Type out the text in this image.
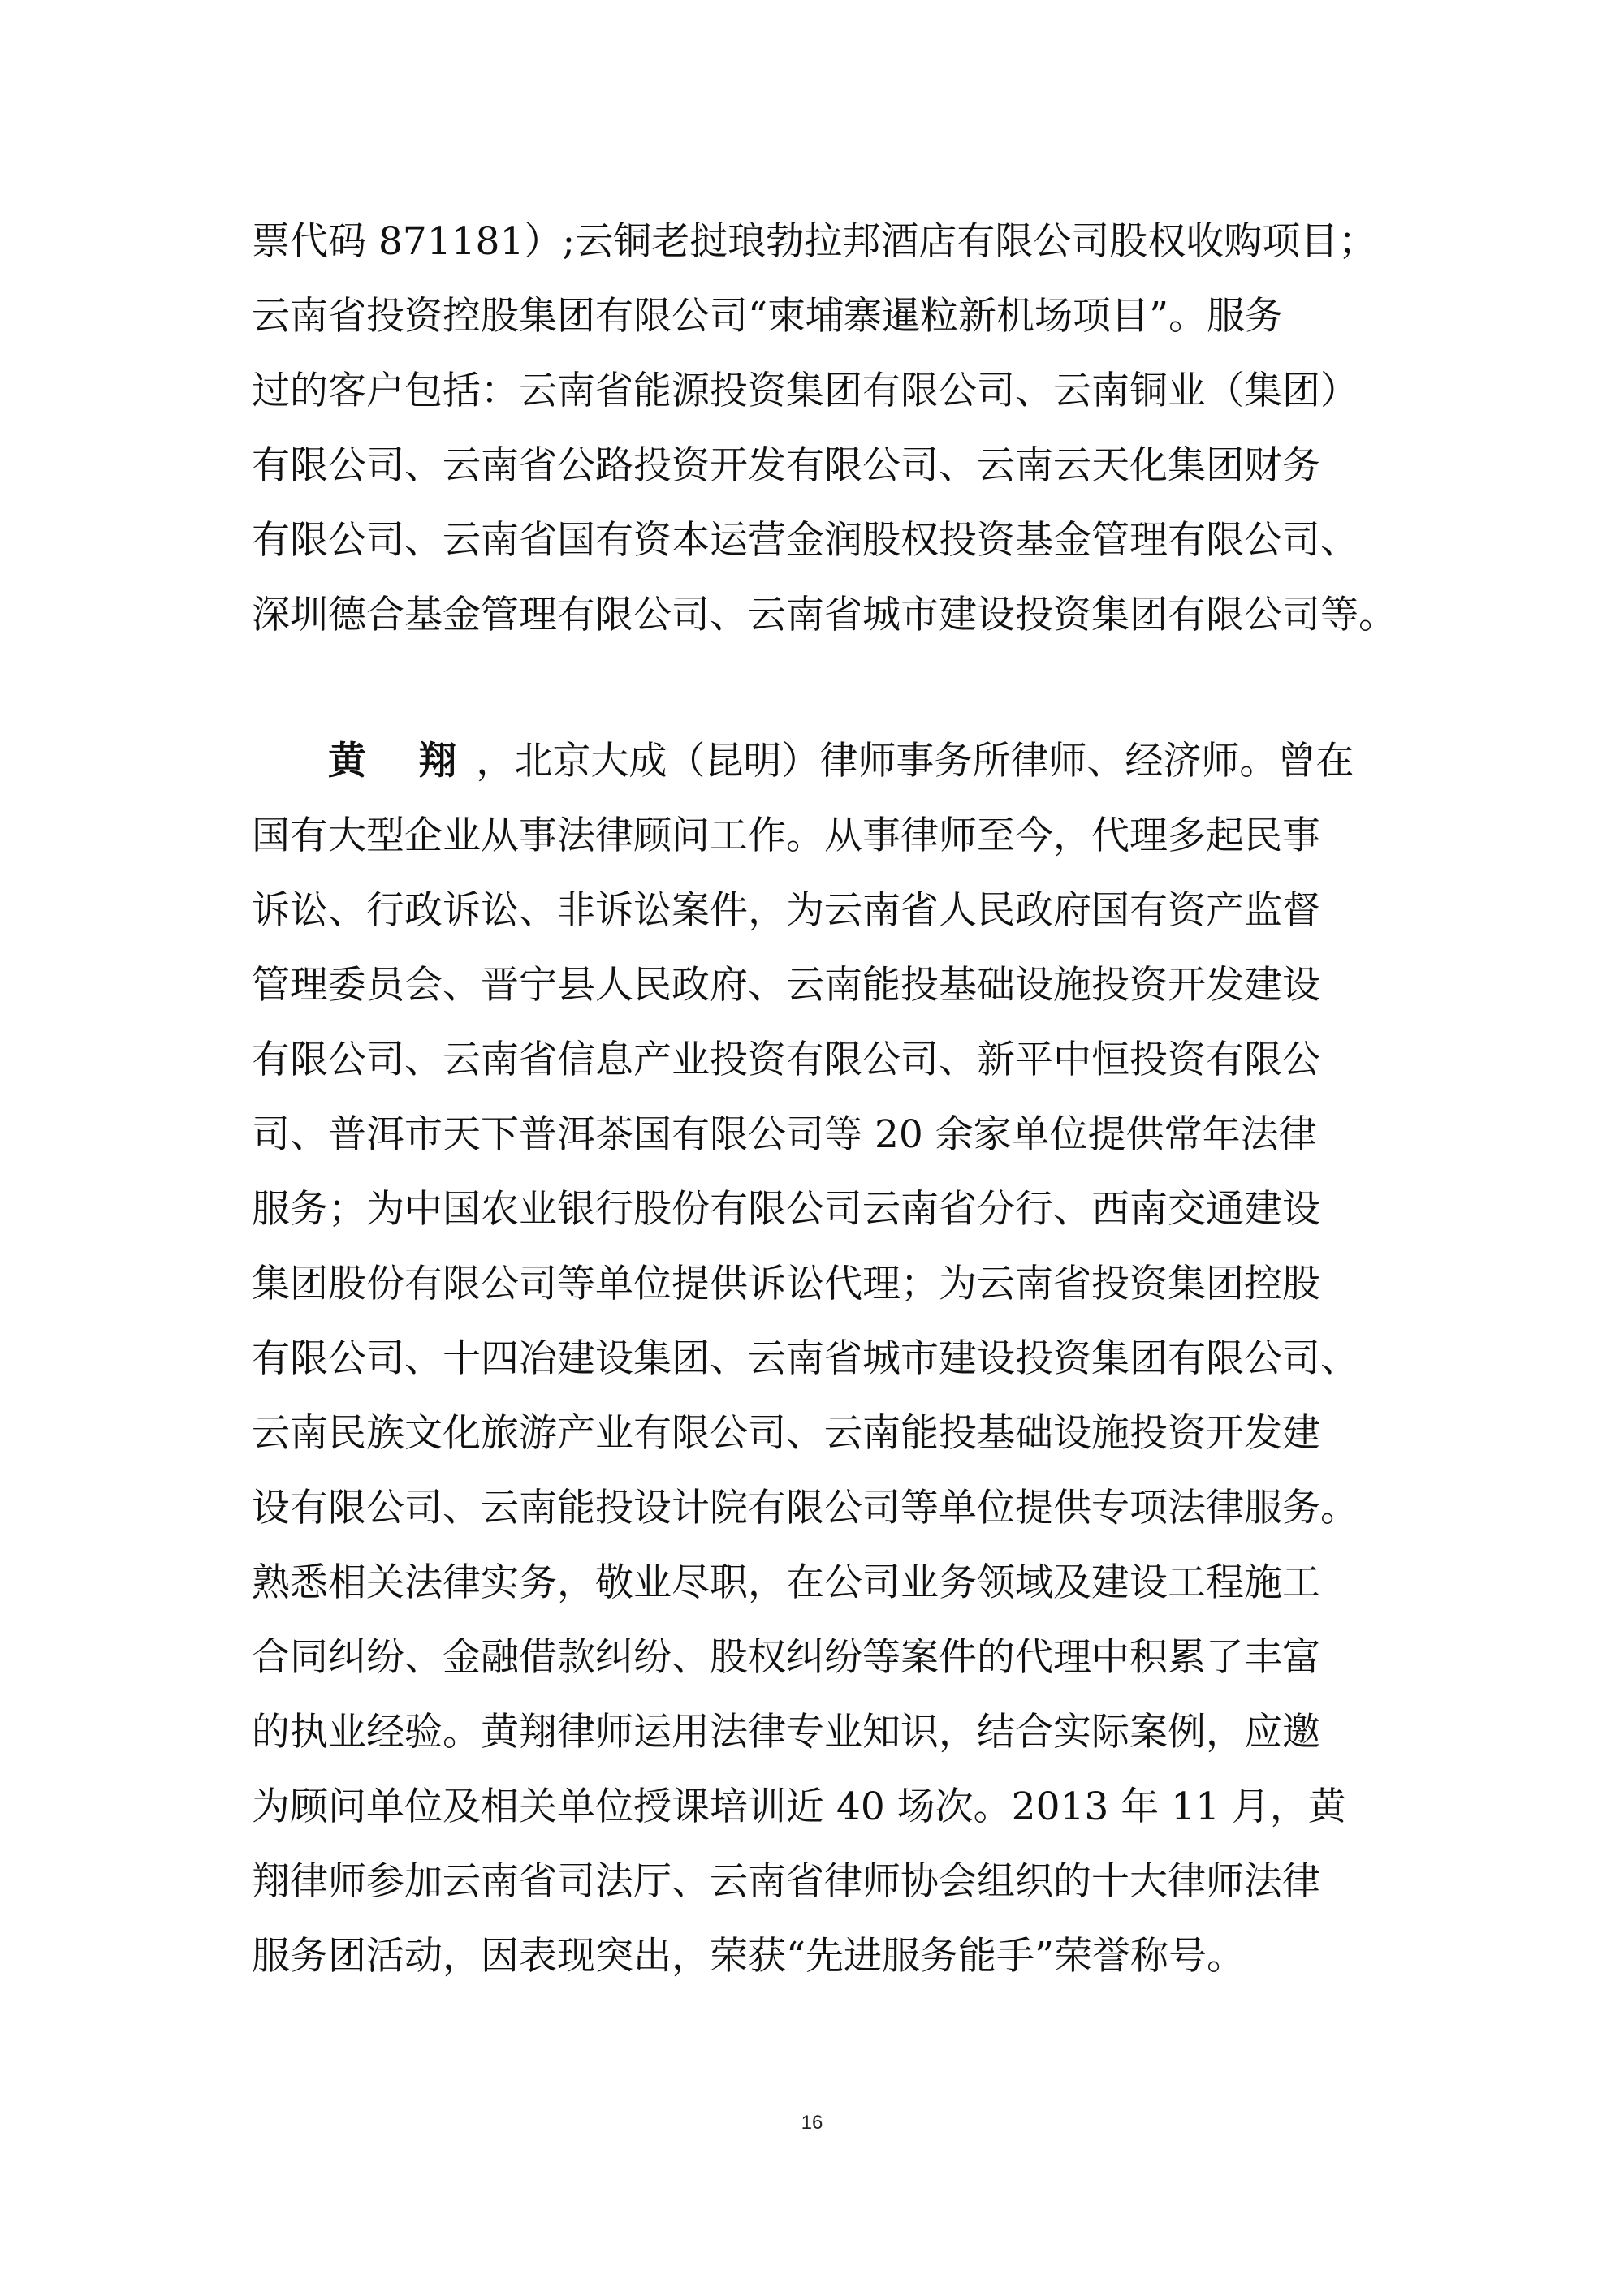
票代码 871181）;云铜老挝琅勃拉邦酒店有限公司股权收购项目；
云南省投资控股集团有限公司“柬埔寨暹粒新机场项目”。服务
过的客户包括：云南省能源投资集团有限公司、云南铜业（集团）
有限公司、云南省公路投资开发有限公司、云南云天化集团财务
有限公司、云南省国有资本运营金润股权投资基金管理有限公司、
深圳德合基金管理有限公司、云南省城市建设投资集团有限公司等。
黄 翔，北京大成（昆明）律师事务所律师、经济师。曾在
国有大型企业从事法律顾问工作。从事律师至今，代理多起民事
诉讼、行政诉讼、非诉讼案件，为云南省人民政府国有资产监督
管理委员会、晋宁县人民政府、云南能投基础设施投资开发建设
有限公司、云南省信息产业投资有限公司、新平中恒投资有限公
司、普洱市天下普洱茶国有限公司等 20 余家单位提供常年法律
服务；为中国农业银行股份有限公司云南省分行、西南交通建设
集团股份有限公司等单位提供诉讼代理；为云南省投资集团控股
有限公司、十四冶建设集团、云南省城市建设投资集团有限公司、
云南民族文化旅游产业有限公司、云南能投基础设施投资开发建
设有限公司、云南能投设计院有限公司等单位提供专项法律服务。
熟悉相关法律实务，敬业尽职，在公司业务领域及建设工程施工
合同纠纷、金融借款纠纷、股权纠纷等案件的代理中积累了丰富
的执业经验。黄翔律师运用法律专业知识，结合实际案例，应邀
为顾问单位及相关单位授课培训近 40 场次。2013 年 11 月，黄
翔律师参加云南省司法厅、云南省律师协会组织的十大律师法律
服务团活动，因表现突出，荣获“先进服务能手”荣誉称号。
16
